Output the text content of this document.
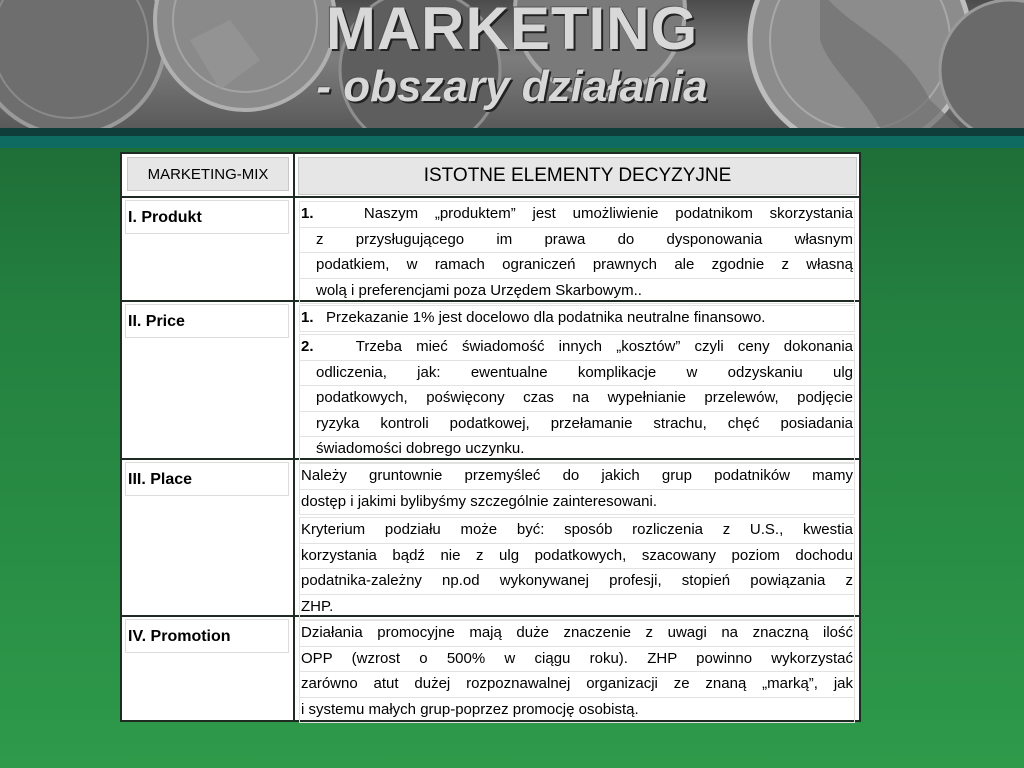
MARKETING
- obszary działania
MARKETING-MIX	ISTOTNE ELEMENTY DECYZYJNE
I. Produkt	1.	Naszym „produktem” jest umożliwienie podatnikom skorzystania
z przysługującego im prawa do dysponowania własnym
podatkiem, w ramach ograniczeń prawnych ale zgodnie z własną
wolą i preferencjami poza Urzędem Skarbowym..
II. Price	1. Przekazanie 1% jest docelowo dla podatnika neutralne finansowo.
2.	Trzeba mieć świadomość innych „kosztów” czyli ceny dokonania
odliczenia, jak: ewentualne komplikacje w odzyskaniu ulg
podatkowych, poświęcony czas na wypełnianie przelewów, podjęcie
ryzyka kontroli podatkowej, przełamanie strachu, chęć posiadania
świadomości dobrego uczynku.
III. Place	Należy gruntownie przemyśleć do jakich grup podatników mamy
dostęp i jakimi bylibyśmy szczególnie zainteresowani.
Kryterium podziału może być: sposób rozliczenia z U.S., kwestia
korzystania bądź nie z ulg podatkowych, szacowany poziom dochodu
podatnika-zależny np.od wykonywanej profesji, stopień powiązania z
ZHP.
IV. Promotion	Działania promocyjne mają duże znaczenie z uwagi na znaczną ilość
OPP (wzrost o 500% w ciągu roku). ZHP powinno wykorzystać
zarówno atut dużej rozpoznawalnej organizacji ze znaną „marką”, jak
i systemu małych grup-poprzez promocję osobistą.
